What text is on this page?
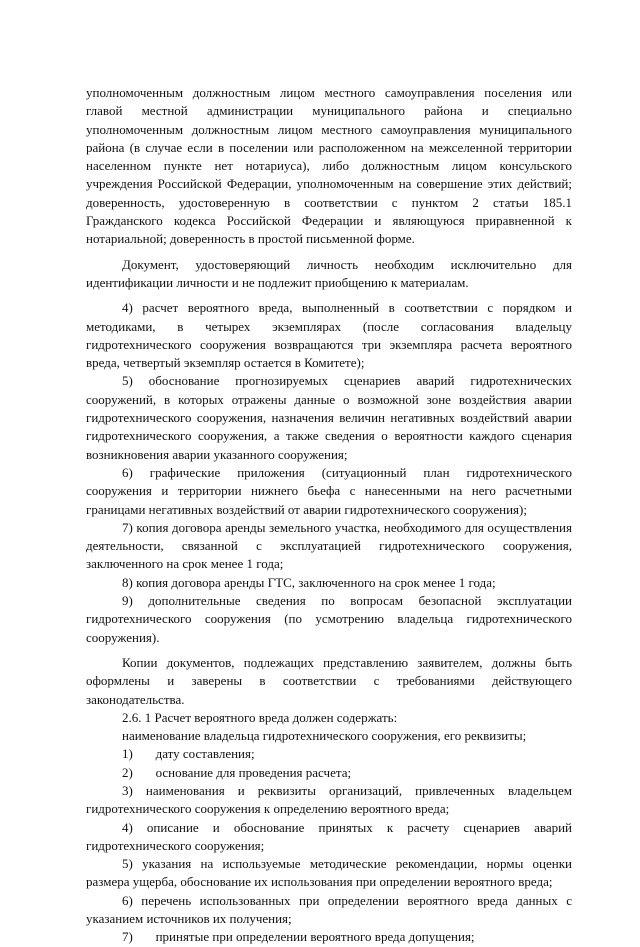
уполномоченным должностным лицом местного самоуправления поселения или
главой местной администрации муниципального района и специально
уполномоченным должностным лицом местного самоуправления муниципального
района (в случае если в поселении или расположенном на межселенной территории
населенном пункте нет нотариуса), либо должностным лицом консульского
учреждения Российской Федерации, уполномоченным на совершение этих действий;
доверенность, удостоверенную в соответствии с пунктом 2 статьи 185.1
Гражданского кодекса Российской Федерации и являющуюся приравненной к
нотариальной; доверенность в простой письменной форме.
Документ, удостоверяющий личность необходим исключительно для
идентификации личности и не подлежит приобщению к материалам.
4) расчет вероятного вреда, выполненный в соответствии с порядком и
методиками, в четырех экземплярах (после согласования владельцу
гидротехнического сооружения возвращаются три экземпляра расчета вероятного
вреда, четвертый экземпляр остается в Комитете);
5) обоснование прогнозируемых сценариев аварий гидротехнических
сооружений, в которых отражены данные о возможной зоне воздействия аварии
гидротехнического сооружения, назначения величин негативных воздействий аварии
гидротехнического сооружения, а также сведения о вероятности каждого сценария
возникновения аварии указанного сооружения;
6) графические приложения (ситуационный план гидротехнического
сооружения и территории нижнего бьефа с нанесенными на него расчетными
границами негативных воздействий от аварии гидротехнического сооружения);
7) копия договора аренды земельного участка, необходимого для осуществления
деятельности, связанной с эксплуатацией гидротехнического сооружения,
заключенного на срок менее 1 года;
8) копия договора аренды ГТС, заключенного на срок менее 1 года;
9) дополнительные сведения по вопросам безопасной эксплуатации
гидротехнического сооружения (по усмотрению владельца гидротехнического
сооружения).
Копии документов, подлежащих представлению заявителем, должны быть
оформлены и заверены в соответствии с требованиями действующего
законодательства.
2.6. 1 Расчет вероятного вреда должен содержать:
наименование владельца гидротехнического сооружения, его реквизиты;
1)       дату составления;
2)       основание для проведения расчета;
3) наименования и реквизиты организаций, привлеченных владельцем
гидротехнического сооружения к определению вероятного вреда;
4) описание и обоснование принятых к расчету сценариев аварий
гидротехнического сооружения;
5) указания на используемые методические рекомендации, нормы оценки
размера ущерба, обоснование их использования при определении вероятного вреда;
6) перечень использованных при определении вероятного вреда данных с
указанием источников их получения;
7)       принятые при определении вероятного вреда допущения;
